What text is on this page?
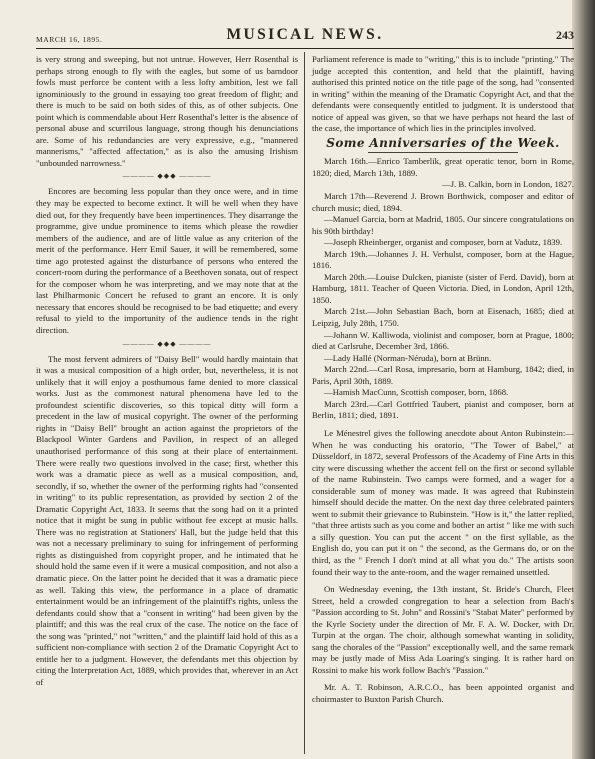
MARCH 16, 1895.	MUSICAL NEWS.	243

is very strong and sweeping, but not untrue. However, Herr Rosenthal is perhaps strong enough to fly with the eagles, but some of us barndoor fowls must perforce be content with a less lofty ambition, lest we fall ignominiously to the ground in essaying too great freedom of flight; and there is much to be said on both sides of this, as of other subjects. One point which is commendable about Herr Rosenthal's letter is the absence of personal abuse and scurrilous language, strong though his denunciations are. Some of his redundancies are very expressive, e.g., "mannered mannerisms," "affected affectation," as is also the amusing Irishism "unbounded narrowness."

———— ◆◆◆ ————

Encores are becoming less popular than they once were, and in time they may be expected to become extinct. It will be well when they have died out, for they frequently have been impertinences. They disarrange the programme, give undue prominence to items which please the rowdier members of the audience, and are of little value as any criterion of the merit of the performance. Herr Emil Sauer, it will be remembered, some time ago protested against the disturbance of persons who entered the concert-room during the performance of a Beethoven sonata, out of respect for the composer whom he was interpreting, and we may note that at the last Philharmonic Concert he refused to grant an encore. It is only necessary that encores should be recognised to be bad etiquette; and every refusal to yield to the importunity of the audience tends in the right direction.

———— ◆◆◆ ————

The most fervent admirers of "Daisy Bell" would hardly maintain that it was a musical composition of a high order, but, nevertheless, it is not unlikely that it will enjoy a posthumous fame denied to more classical works. Just as the commonest natural phenomena have led to the profoundest scientific discoveries, so this topical ditty will form a precedent in the law of musical copyright. The owner of the performing rights in "Daisy Bell" brought an action against the proprietors of the Blackpool Winter Gardens and Pavilion, in respect of an alleged unauthorised performance of this song at their place of entertainment. There were really two questions involved in the case; first, whether this work was a dramatic piece as well as a musical composition, and, secondly, if so, whether the owner of the performing rights had "consented in writing" to its public representation, as provided by section 2 of the Dramatic Copyright Act, 1833. It seems that the song had on it a printed notice that it might be sung in public without fee except at music halls. There was no registration at Stationers' Hall, but the judge held that this was not a necessary preliminary to suing for infringement of performing rights as distinguished from copyright proper, and he intimated that he should hold the same even if it were a musical composition, and not also a dramatic piece. On the latter point he decided that it was a dramatic piece as well. Taking this view, the performance in a place of dramatic entertainment would be an infringement of the plaintiff's rights, unless the defendants could show that a "consent in writing" had been given by the plaintiff; and this was the real crux of the case. The notice on the face of the song was "printed," not "written," and the plaintiff laid hold of this as a sufficient non-compliance with section 2 of the Dramatic Copyright Act to entitle her to a judgment. However, the defendants met this objection by citing the Interpretation Act, 1889, which provides that, wherever in an Act of

Parliament reference is made to "writing," this is to include "printing." The judge accepted this contention, and held that the plaintiff, having authorised this printed notice on the title page of the song, had "consented in writing" within the meaning of the Dramatic Copyright Act, and that the defendants were consequently entitled to judgment. It is understood that notice of appeal was given, so that we have perhaps not heard the last of the case, the importance of which lies in the principles involved.

Some Anniversaries of the Week.

March 16th.—Enrico Tamberlik, great operatic tenor, born in Rome, 1820; died, March 13th, 1889.

—J. B. Calkin, born in London, 1827.

March 17th—Reverend J. Brown Borthwick, composer and editor of church music; died, 1894.

—Manuel Garcia, born at Madrid, 1805. Our sincere congratulations on his 90th birthday!

—Joseph Rheinberger, organist and composer, born at Vadutz, 1839.

March 19th.—Johannes J. H. Verhulst, composer, born at the Hague, 1816.

March 20th.—Louise Dulcken, pianiste (sister of Ferd. David), born at Hamburg, 1811. Teacher of Queen Victoria. Died, in London, April 12th, 1850.

March 21st.—John Sebastian Bach, born at Eisenach, 1685; died at Leipzig, July 28th, 1750.

—Johann W. Kalliwoda, violinist and composer, born at Prague, 1800; died at Carlsruhe, December 3rd, 1866.

—Lady Hallé (Norman-Néruda), born at Brünn.

March 22nd.—Carl Rosa, impresario, born at Hamburg, 1842; died, in Paris, April 30th, 1889.

—Hamish MacCunn, Scottish composer, born, 1868.

March 23rd.—Carl Gottfried Taubert, pianist and composer, born at Berlin, 1811; died, 1891.

Le Ménestrel gives the following anecdote about Anton Rubinstein:—When he was conducting his oratorio, "The Tower of Babel," at Düsseldorf, in 1872, several Professors of the Academy of Fine Arts in this city were discussing whether the accent fell on the first or second syllable of the name Rubinstein. Two camps were formed, and a wager for a considerable sum of money was made. It was agreed that Rubinstein himself should decide the matter. On the next day three celebrated painters went to submit their grievance to Rubinstein. "How is it," the latter replied, "that three artists such as you come and bother an artist " like me with such a silly question. You can put the accent " on the first syllable, as the English do, you can put it on " the second, as the Germans do, or on the third, as the " French I don't mind at all what you do." The artists soon found their way to the ante-room, and the wager remained unsettled.

On Wednesday evening, the 13th instant, St. Bride's Church, Fleet Street, held a crowded congregation to hear a selection from Bach's "Passion according to St. John" and Rossini's "Stabat Mater" performed by the Kyrle Society under the direction of Mr. F. A. W. Docker, with Dr. Turpin at the organ. The choir, although somewhat wanting in solidity, sang the chorales of the "Passion" exceptionally well, and the same remark may be justly made of Miss Ada Loaring's singing. It is rather hard on Rossini to make his work follow Bach's "Passion."

Mr. A. T. Robinson, A.R.C.O., has been appointed organist and choirmaster to Buxton Parish Church.
